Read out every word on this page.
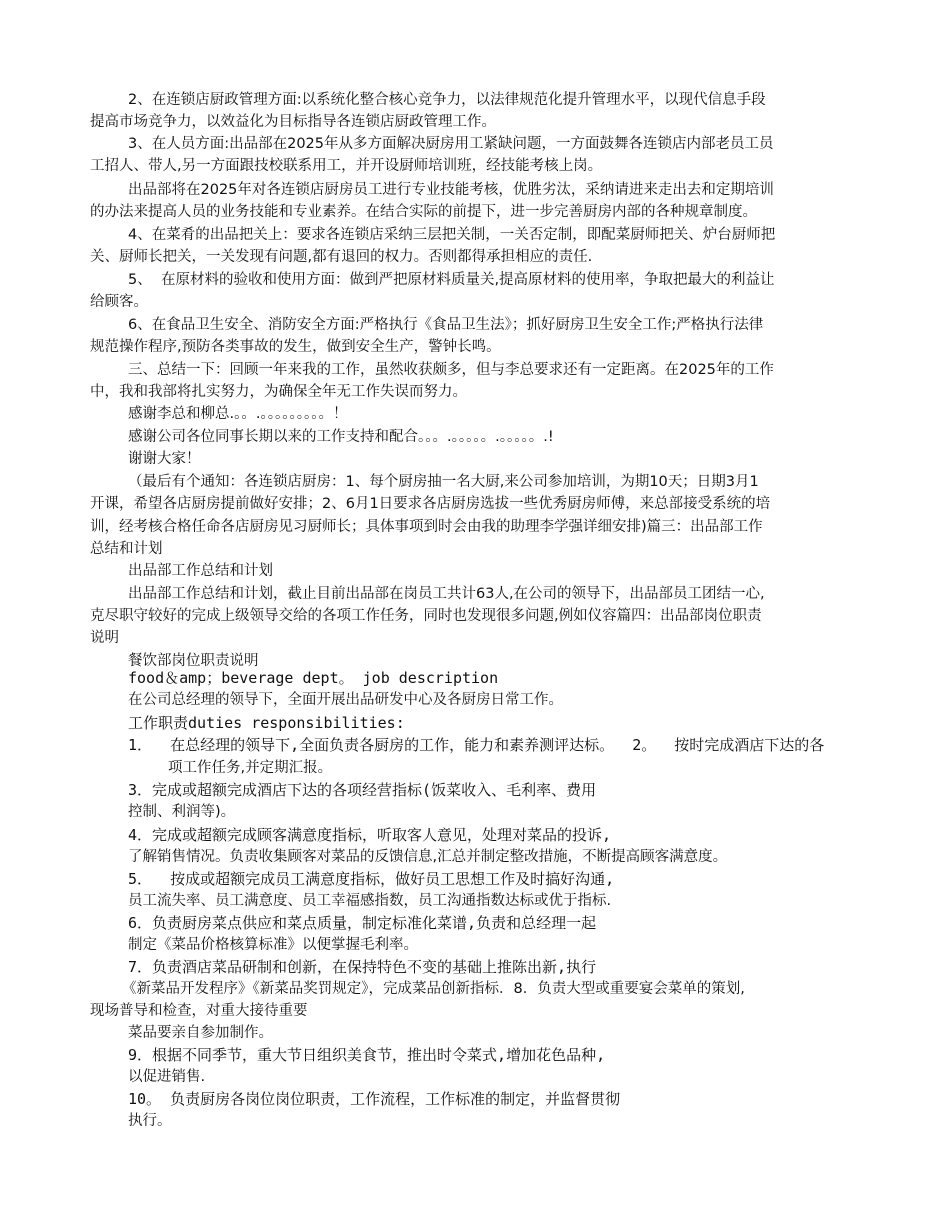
2、在连锁店厨政管理方面:以系统化整合核心竞争力，以法律规范化提升管理水平，以现代信息手段
提高市场竞争力，以效益化为目标指导各连锁店厨政管理工作。
3、在人员方面:出品部在2025年从多方面解决厨房用工紧缺问题，一方面鼓舞各连锁店内部老员工员
工招人、带人,另一方面跟技校联系用工，并开设厨师培训班，经技能考核上岗。
出品部将在2025年对各连锁店厨房员工进行专业技能考核，优胜劣汰，采纳请进来走出去和定期培训
的办法来提高人员的业务技能和专业素养。在结合实际的前提下，进一步完善厨房内部的各种规章制度。
4、在菜肴的出品把关上：要求各连锁店采纳三层把关制，一关否定制，即配菜厨师把关、炉台厨师把
关、厨师长把关，一关发现有问题,都有退回的权力。否则都得承担相应的责任.
5、  在原材料的验收和使用方面：做到严把原材料质量关,提高原材料的使用率，争取把最大的利益让
给顾客。
6、在食品卫生安全、消防安全方面:严格执行《食品卫生法》；抓好厨房卫生安全工作;严格执行法律
规范操作程序,预防各类事故的发生，做到安全生产，警钟长鸣。
三、总结一下：回顾一年来我的工作，虽然收获颇多，但与李总要求还有一定距离。在2025年的工作
中，我和我部将扎实努力，为确保全年无工作失误而努力。
感谢李总和柳总.。。.。。。。。。。。。！
感谢公司各位同事长期以来的工作支持和配合。。。.。。。。。.。。。。。.!
谢谢大家！
（最后有个通知：各连锁店厨房：1、每个厨房抽一名大厨,来公司参加培训，为期10天；日期3月1
开课，希望各店厨房提前做好安排；2、6月1日要求各店厨房选拔一些优秀厨房师傅，来总部接受系统的培
训，经考核合格任命各店厨房见习厨师长；具体事项到时会由我的助理李学强详细安排)篇三：出品部工作
总结和计划
出品部工作总结和计划
出品部工作总结和计划，截止目前出品部在岗员工共计63人,在公司的领导下，出品部员工团结一心,
克尽职守较好的完成上级领导交给的各项工作任务，同时也发现很多问题,例如仪容篇四：出品部岗位职责
说明
餐饮部岗位职责说明
food＆amp；beverage dept。 job description
在公司总经理的领导下，全面开展出品研发中心及各厨房日常工作。
工作职责duties responsibilities:
1．  在总经理的领导下,全面负责各厨房的工作，能力和素养测评达标。  2。  按时完成酒店下达的各
项工作任务,并定期汇报。
3．完成或超额完成酒店下达的各项经营指标(饭菜收入、毛利率、费用
控制、利润等)。
4．完成或超额完成顾客满意度指标，听取客人意见，处理对菜品的投诉,
了解销售情况。负责收集顾客对菜品的反馈信息,汇总并制定整改措施，不断提高顾客满意度。
5．  按成或超额完成员工满意度指标，做好员工思想工作及时搞好沟通,
员工流失率、员工满意度、员工幸福感指数，员工沟通指数达标或优于指标.
6．负责厨房菜点供应和菜点质量，制定标准化菜谱,负责和总经理一起
制定《菜品价格核算标准》以便掌握毛利率。
7．负责酒店菜品研制和创新，在保持特色不变的基础上推陈出新,执行
《新菜品开发程序》《新菜品奖罚规定》，完成菜品创新指标．8．负责大型或重要宴会菜单的策划,
现场普导和检查，对重大接待重要
菜品要亲自参加制作。
9．根据不同季节，重大节日组织美食节，推出时令菜式,增加花色品种,
以促进销售.
10。 负责厨房各岗位岗位职责，工作流程，工作标准的制定，并监督贯彻
执行。
